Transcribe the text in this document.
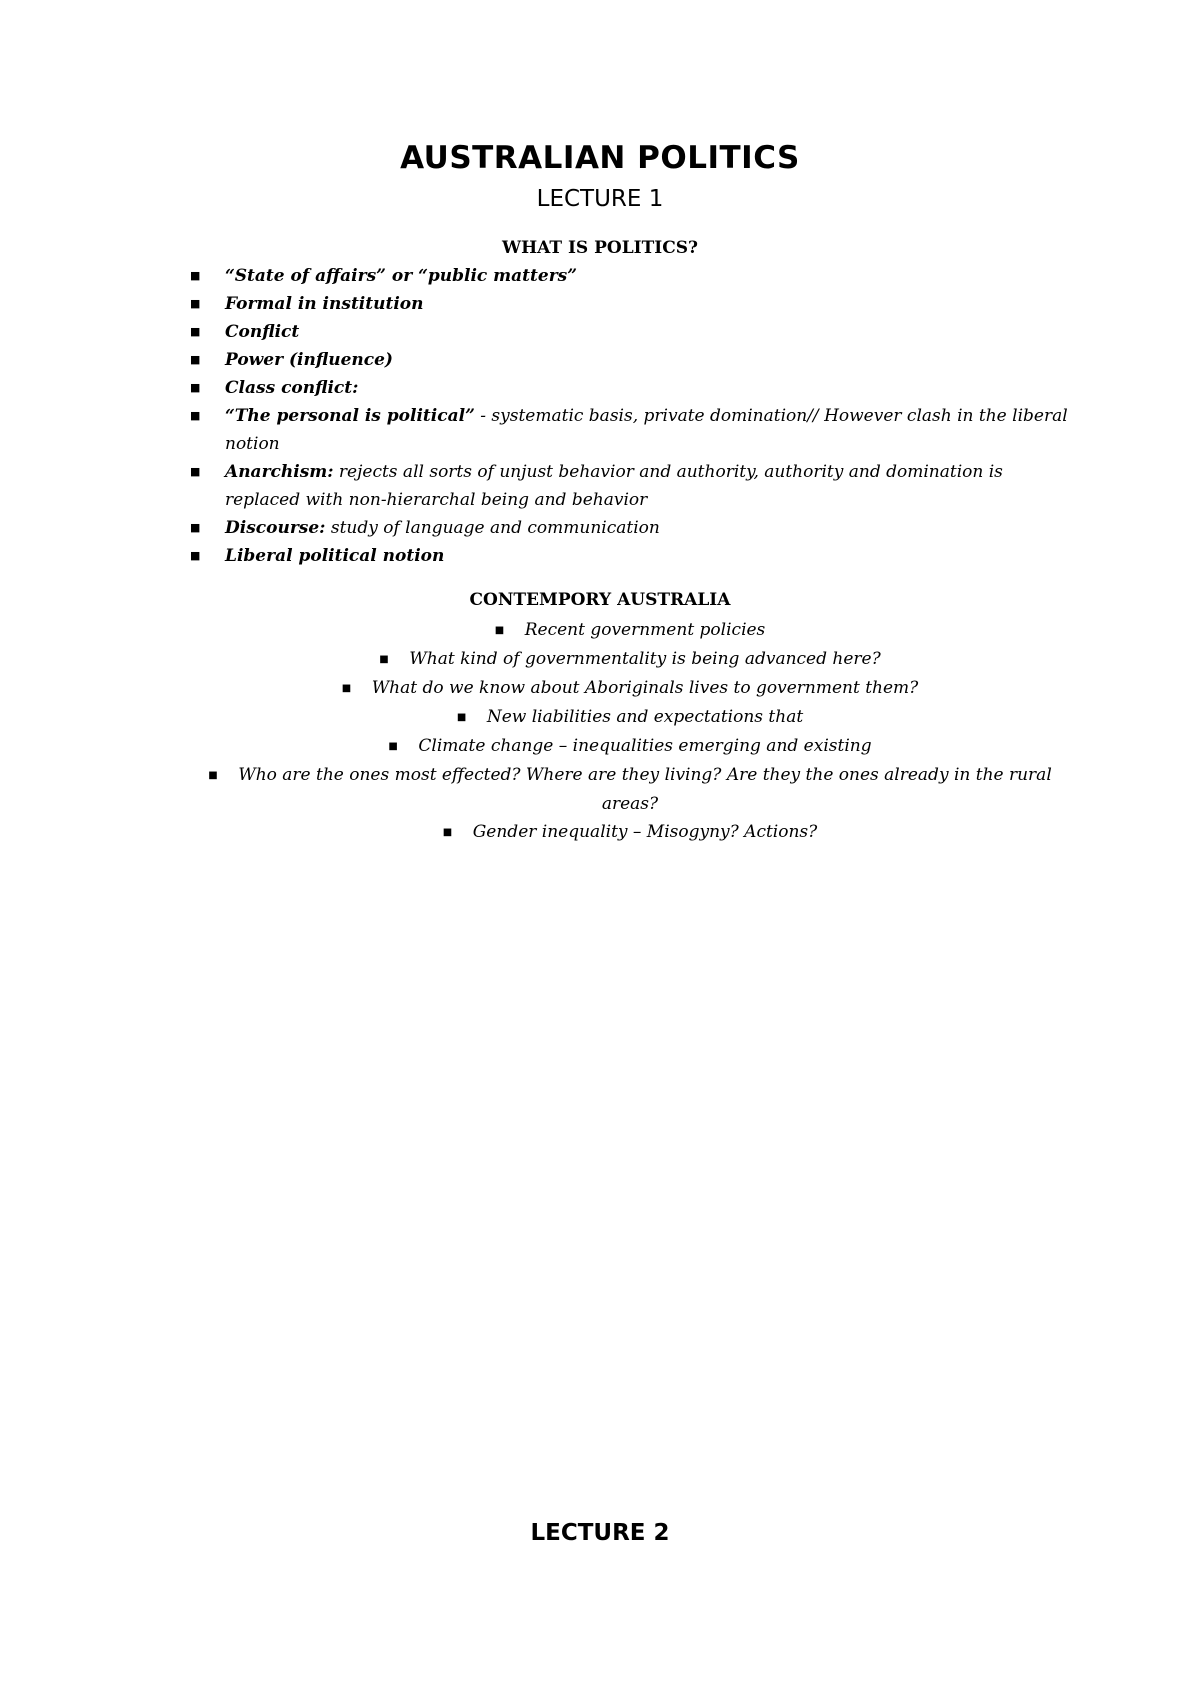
AUSTRALIAN POLITICS
LECTURE 1
WHAT IS POLITICS?
■ “State of affairs” or “public matters”
■ Formal in institution
■ Conflict
■ Power (influence)
■ Class conflict:
■ “The personal is political” - systematic basis, private domination// However clash in the liberal notion
■ Anarchism: rejects all sorts of unjust behavior and authority, authority and domination is replaced with non-hierarchal being and behavior
■ Discourse: study of language and communication
■ Liberal political notion
CONTEMPORY AUSTRALIA
■ Recent government policies
■ What kind of governmentality is being advanced here?
■ What do we know about Aboriginals lives to government them?
■ New liabilities and expectations that
■ Climate change – inequalities emerging and existing
■ Who are the ones most effected? Where are they living? Are they the ones already in the rural areas?
■ Gender inequality – Misogyny? Actions?
LECTURE 2
